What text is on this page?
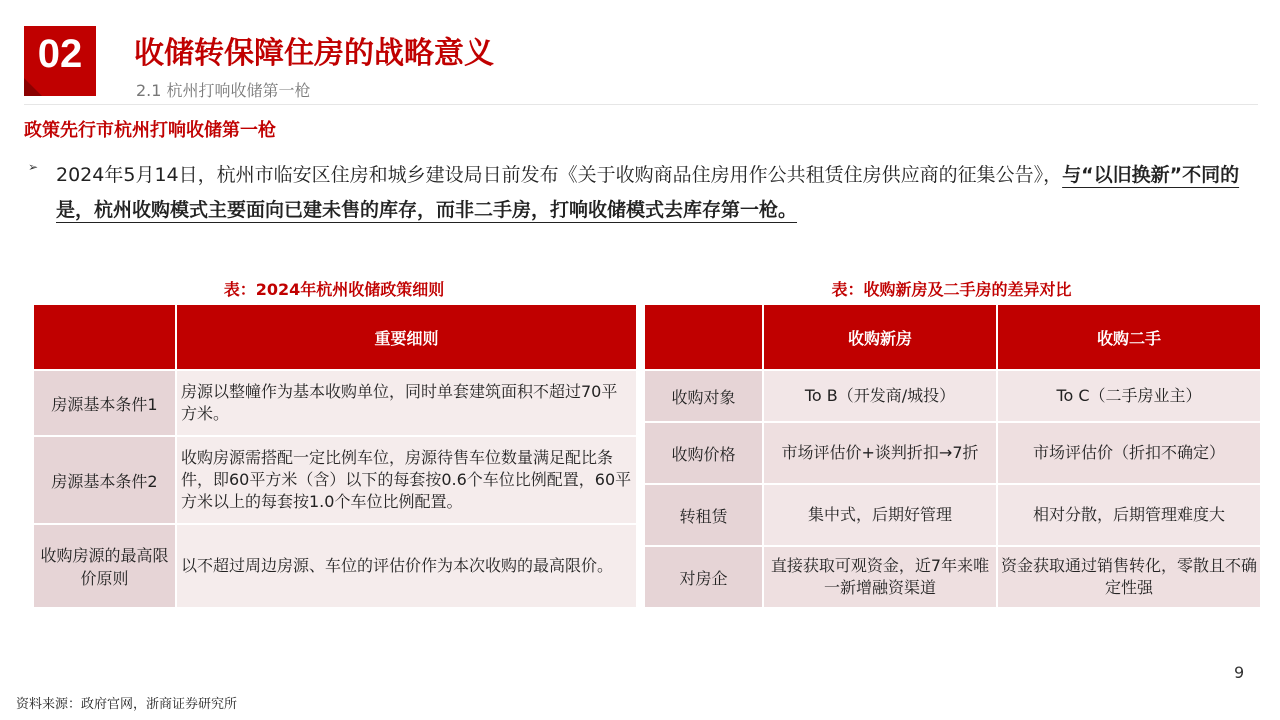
02	收储转保障住房的战略意义
2.1 杭州打响收储第一枪
政策先行市杭州打响收储第一枪
➢ 2024年5月14日，杭州市临安区住房和城乡建设局日前发布《关于收购商品住房用作公共租赁住房供应商的征集公告》，与“以旧换新”不同的是，杭州收购模式主要面向已建未售的库存，而非二手房，打响收储模式去库存第一枪。
表：2024年杭州收储政策细则
	重要细则
房源基本条件1	房源以整幢作为基本收购单位，同时单套建筑面积不超过70平方米。
房源基本条件2	收购房源需搭配一定比例车位，房源待售车位数量满足配比条件，即60平方米（含）以下的每套按0.6个车位比例配置，60平方米以上的每套按1.0个车位比例配置。
收购房源的最高限价原则	以不超过周边房源、车位的评估价作为本次收购的最高限价。
表：收购新房及二手房的差异对比
	收购新房	收购二手
收购对象	To B（开发商/城投）	To C（二手房业主）
收购价格	市场评估价+谈判折扣→7折	市场评估价（折扣不确定）
转租赁	集中式，后期好管理	相对分散，后期管理难度大
对房企	直接获取可观资金，近7年来唯一新增融资渠道	资金获取通过销售转化，零散且不确定性强
9
资料来源：政府官网，浙商证券研究所
